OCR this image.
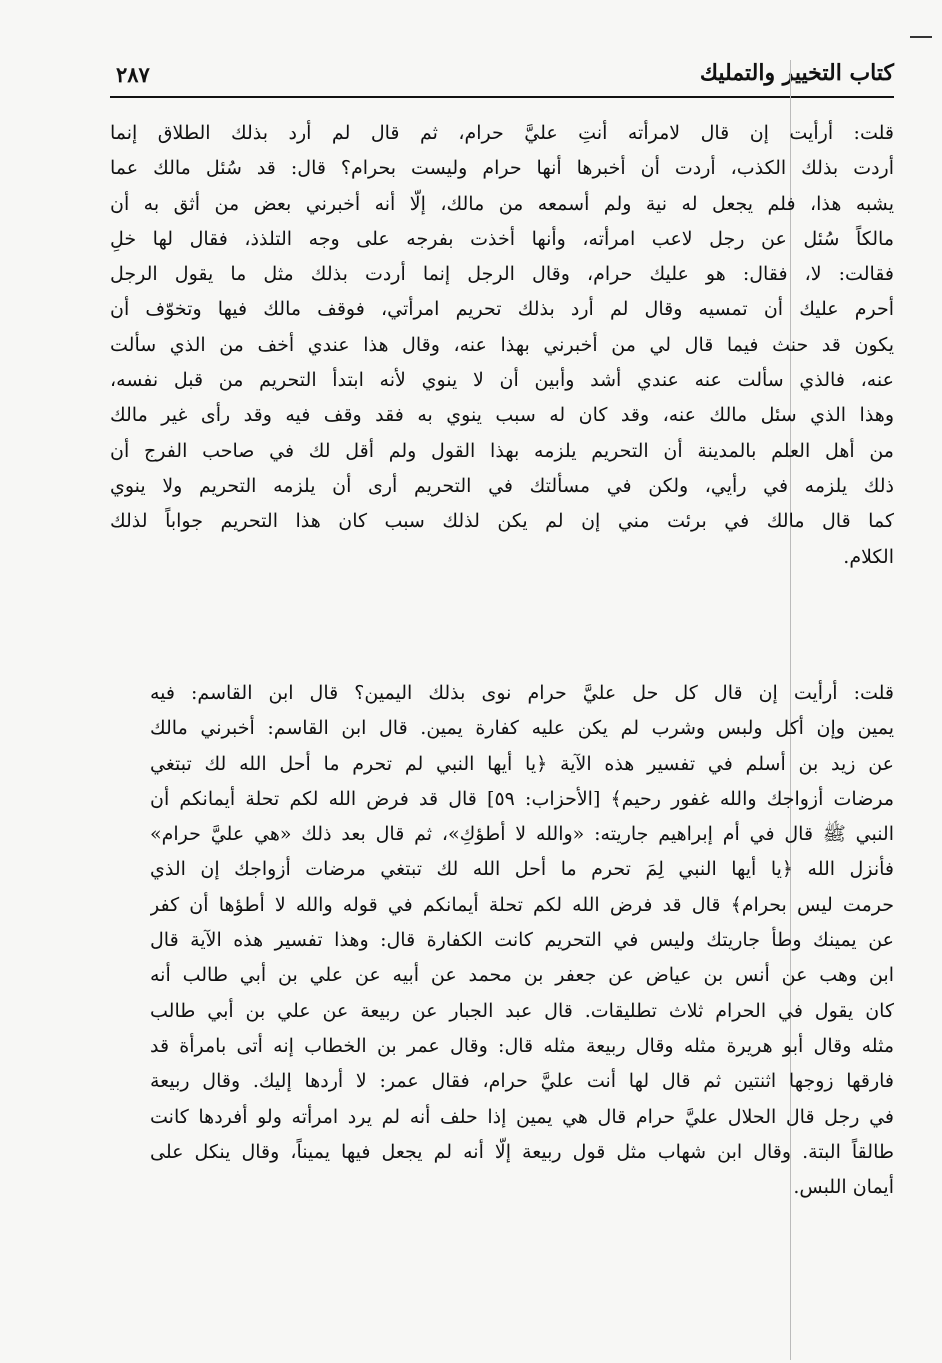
كتاب التخيير والتمليك
٢٨٧
قلت: أرأيت إن قال لامرأته أنتِ عليَّ حرام، ثم قال لم أرد بذلك الطلاق إنما
أردت بذلك الكذب، أردت أن أخبرها أنها حرام وليست بحرام؟ قال: قد سُئل مالك عما
يشبه هذا، فلم يجعل له نية ولم أسمعه من مالك، إلّا أنه أخبرني بعض من أثق به أن
مالكاً سُئل عن رجل لاعب امرأته، وأنها أخذت بفرجه على وجه التلذذ، فقال لها خلِ
فقالت: لا، فقال: هو عليك حرام، وقال الرجل إنما أردت بذلك مثل ما يقول الرجل
أحرم عليك أن تمسيه وقال لم أرد بذلك تحريم امرأتي، فوقف مالك فيها وتخوّف أن
يكون قد حنث فيما قال لي من أخبرني بهذا عنه، وقال هذا عندي أخف من الذي سألت
عنه، فالذي سألت عنه عندي أشد وأبين أن لا ينوي لأنه ابتدأ التحريم من قبل نفسه،
وهذا الذي سئل مالك عنه، وقد كان له سبب ينوي به فقد وقف فيه وقد رأى غير مالك
من أهل العلم بالمدينة أن التحريم يلزمه بهذا القول ولم أقل لك في صاحب الفرج أن
ذلك يلزمه في رأيي، ولكن في مسألتك في التحريم أرى أن يلزمه التحريم ولا ينوي
كما قال مالك في برئت مني إن لم يكن لذلك سبب كان هذا التحريم جواباً لذلك
الكلام.
قلت: أرأيت إن قال كل حل عليَّ حرام نوى بذلك اليمين؟ قال ابن القاسم: فيه
يمين وإن أكل ولبس وشرب لم يكن عليه كفارة يمين. قال ابن القاسم: أخبرني مالك
عن زيد بن أسلم في تفسير هذه الآية ﴿يا أيها النبي لم تحرم ما أحل الله لك تبتغي
مرضات أزواجك والله غفور رحيم﴾ [الأحزاب: ٥٩] قال قد فرض الله لكم تحلة أيمانكم أن
النبي ﷺ قال في أم إبراهيم جاريته: «والله لا أطؤكِ»، ثم قال بعد ذلك «هي عليَّ حرام»
فأنزل الله ﴿يا أيها النبي لِمَ تحرم ما أحل الله لك تبتغي مرضات أزواجك إن الذي
حرمت ليس بحرام﴾ قال قد فرض الله لكم تحلة أيمانكم في قوله والله لا أطؤها أن كفر
عن يمينك وطأ جاريتك وليس في التحريم كانت الكفارة قال: وهذا تفسير هذه الآية قال
ابن وهب عن أنس بن عياض عن جعفر بن محمد عن أبيه عن علي بن أبي طالب أنه
كان يقول في الحرام ثلاث تطليقات. قال عبد الجبار عن ربيعة عن علي بن أبي طالب
مثله وقال أبو هريرة مثله وقال ربيعة مثله قال: وقال عمر بن الخطاب إنه أتى بامرأة قد
فارقها زوجها اثنتين ثم قال لها أنت عليَّ حرام، فقال عمر: لا أردها إليك. وقال ربيعة
في رجل قال الحلال عليَّ حرام قال هي يمين إذا حلف أنه لم يرد امرأته ولو أفردها كانت
طالقاً البتة. وقال ابن شهاب مثل قول ربيعة إلّا أنه لم يجعل فيها يميناً، وقال ينكل على
أيمان اللبس.
